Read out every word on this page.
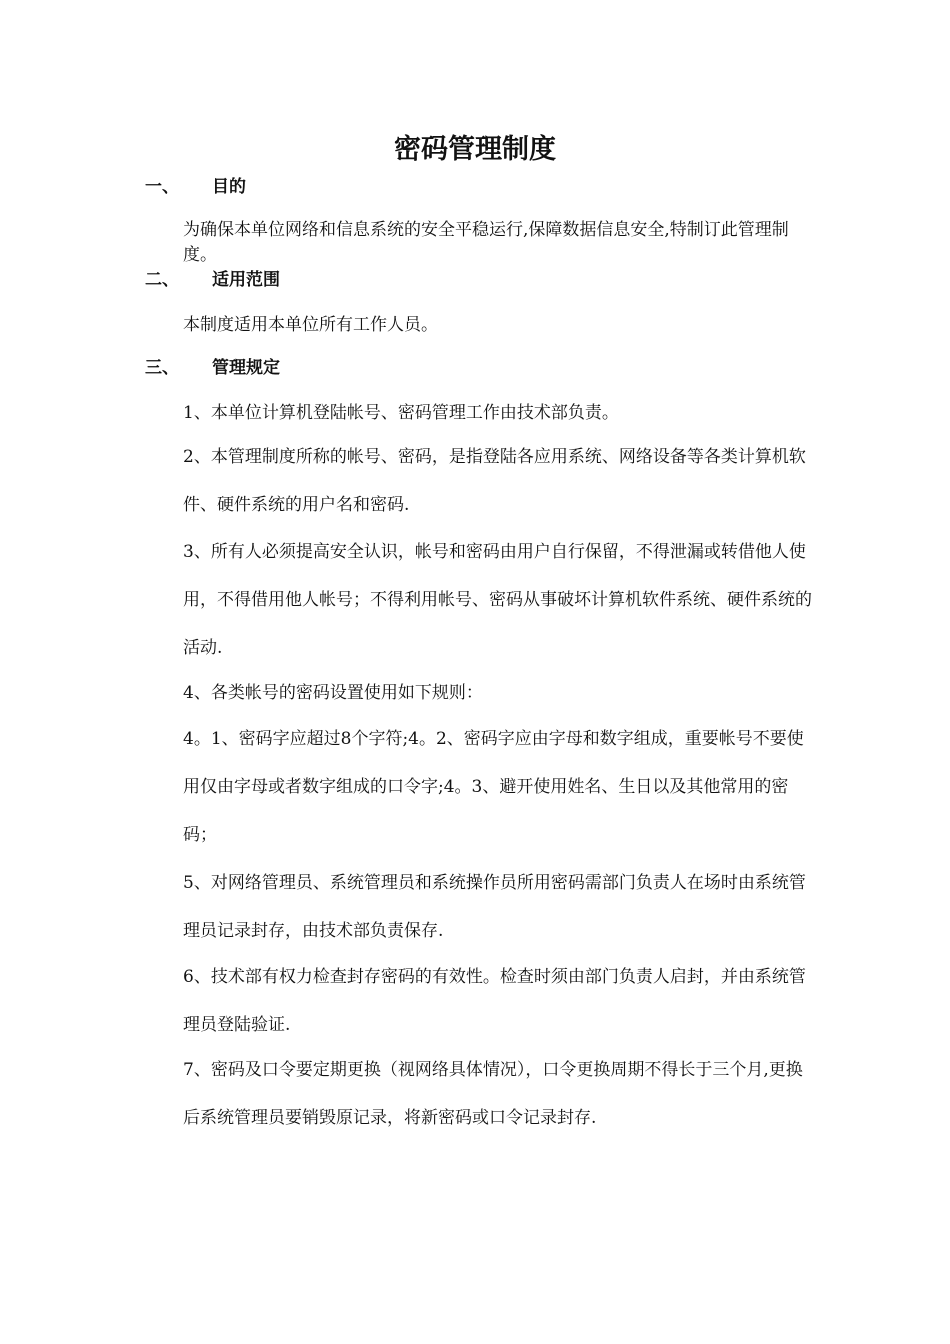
密码管理制度
一、 目的

为确保本单位网络和信息系统的安全平稳运行,保障数据信息安全,特制订此管理制度。

二、 适用范围

本制度适用本单位所有工作人员。

三、 管理规定

1、本单位计算机登陆帐号、密码管理工作由技术部负责。

2、本管理制度所称的帐号、密码，是指登陆各应用系统、网络设备等各类计算机软件、硬件系统的用户名和密码.

3、所有人必须提高安全认识，帐号和密码由用户自行保留，不得泄漏或转借他人使用，不得借用他人帐号；不得利用帐号、密码从事破坏计算机软件系统、硬件系统的活动.

4、各类帐号的密码设置使用如下规则：

4。1、密码字应超过8个字符;4。2、密码字应由字母和数字组成，重要帐号不要使用仅由字母或者数字组成的口令字;4。3、避开使用姓名、生日以及其他常用的密码；

5、对网络管理员、系统管理员和系统操作员所用密码需部门负责人在场时由系统管理员记录封存，由技术部负责保存.

6、技术部有权力检查封存密码的有效性。检查时须由部门负责人启封，并由系统管理员登陆验证.

7、密码及口令要定期更换（视网络具体情况），口令更换周期不得长于三个月,更换后系统管理员要销毁原记录，将新密码或口令记录封存.
